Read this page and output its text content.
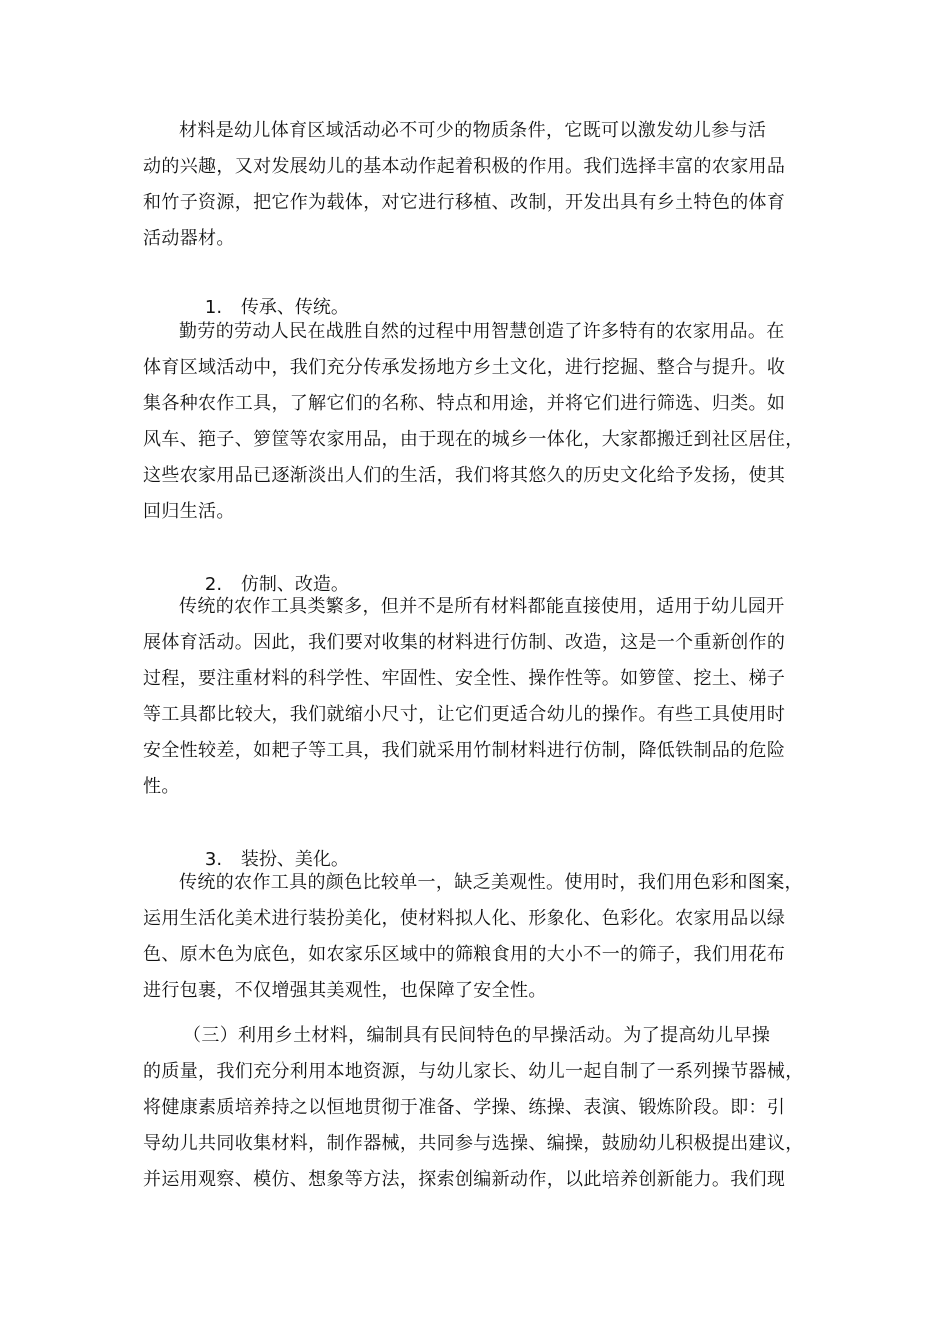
材料是幼儿体育区域活动必不可少的物质条件，它既可以激发幼儿参与活
动的兴趣，又对发展幼儿的基本动作起着积极的作用。我们选择丰富的农家用品
和竹子资源，把它作为载体，对它进行移植、改制，开发出具有乡土特色的体育
活动器材。

1. 传承、传统。

勤劳的劳动人民在战胜自然的过程中用智慧创造了许多特有的农家用品。在
体育区域活动中，我们充分传承发扬地方乡土文化，进行挖掘、整合与提升。收
集各种农作工具，了解它们的名称、特点和用途，并将它们进行筛选、归类。如
风车、筢子、箩筐等农家用品，由于现在的城乡一体化，大家都搬迁到社区居住，
这些农家用品已逐渐淡出人们的生活，我们将其悠久的历史文化给予发扬，使其
回归生活。

2. 仿制、改造。

传统的农作工具类繁多，但并不是所有材料都能直接使用，适用于幼儿园开
展体育活动。因此，我们要对收集的材料进行仿制、改造，这是一个重新创作的
过程，要注重材料的科学性、牢固性、安全性、操作性等。如箩筐、挖土、梯子
等工具都比较大，我们就缩小尺寸，让它们更适合幼儿的操作。有些工具使用时
安全性较差，如耙子等工具，我们就采用竹制材料进行仿制，降低铁制品的危险
性。

3. 装扮、美化。

传统的农作工具的颜色比较单一，缺乏美观性。使用时，我们用色彩和图案，
运用生活化美术进行装扮美化，使材料拟人化、形象化、色彩化。农家用品以绿
色、原木色为底色，如农家乐区域中的筛粮食用的大小不一的筛子，我们用花布
进行包裹，不仅增强其美观性，也保障了安全性。
（三）利用乡土材料，编制具有民间特色的早操活动。为了提高幼儿早操
的质量，我们充分利用本地资源，与幼儿家长、幼儿一起自制了一系列操节器械，
将健康素质培养持之以恒地贯彻于准备、学操、练操、表演、锻炼阶段。即：引
导幼儿共同收集材料，制作器械，共同参与选操、编操，鼓励幼儿积极提出建议，
并运用观察、模仿、想象等方法，探索创编新动作，以此培养创新能力。我们现
